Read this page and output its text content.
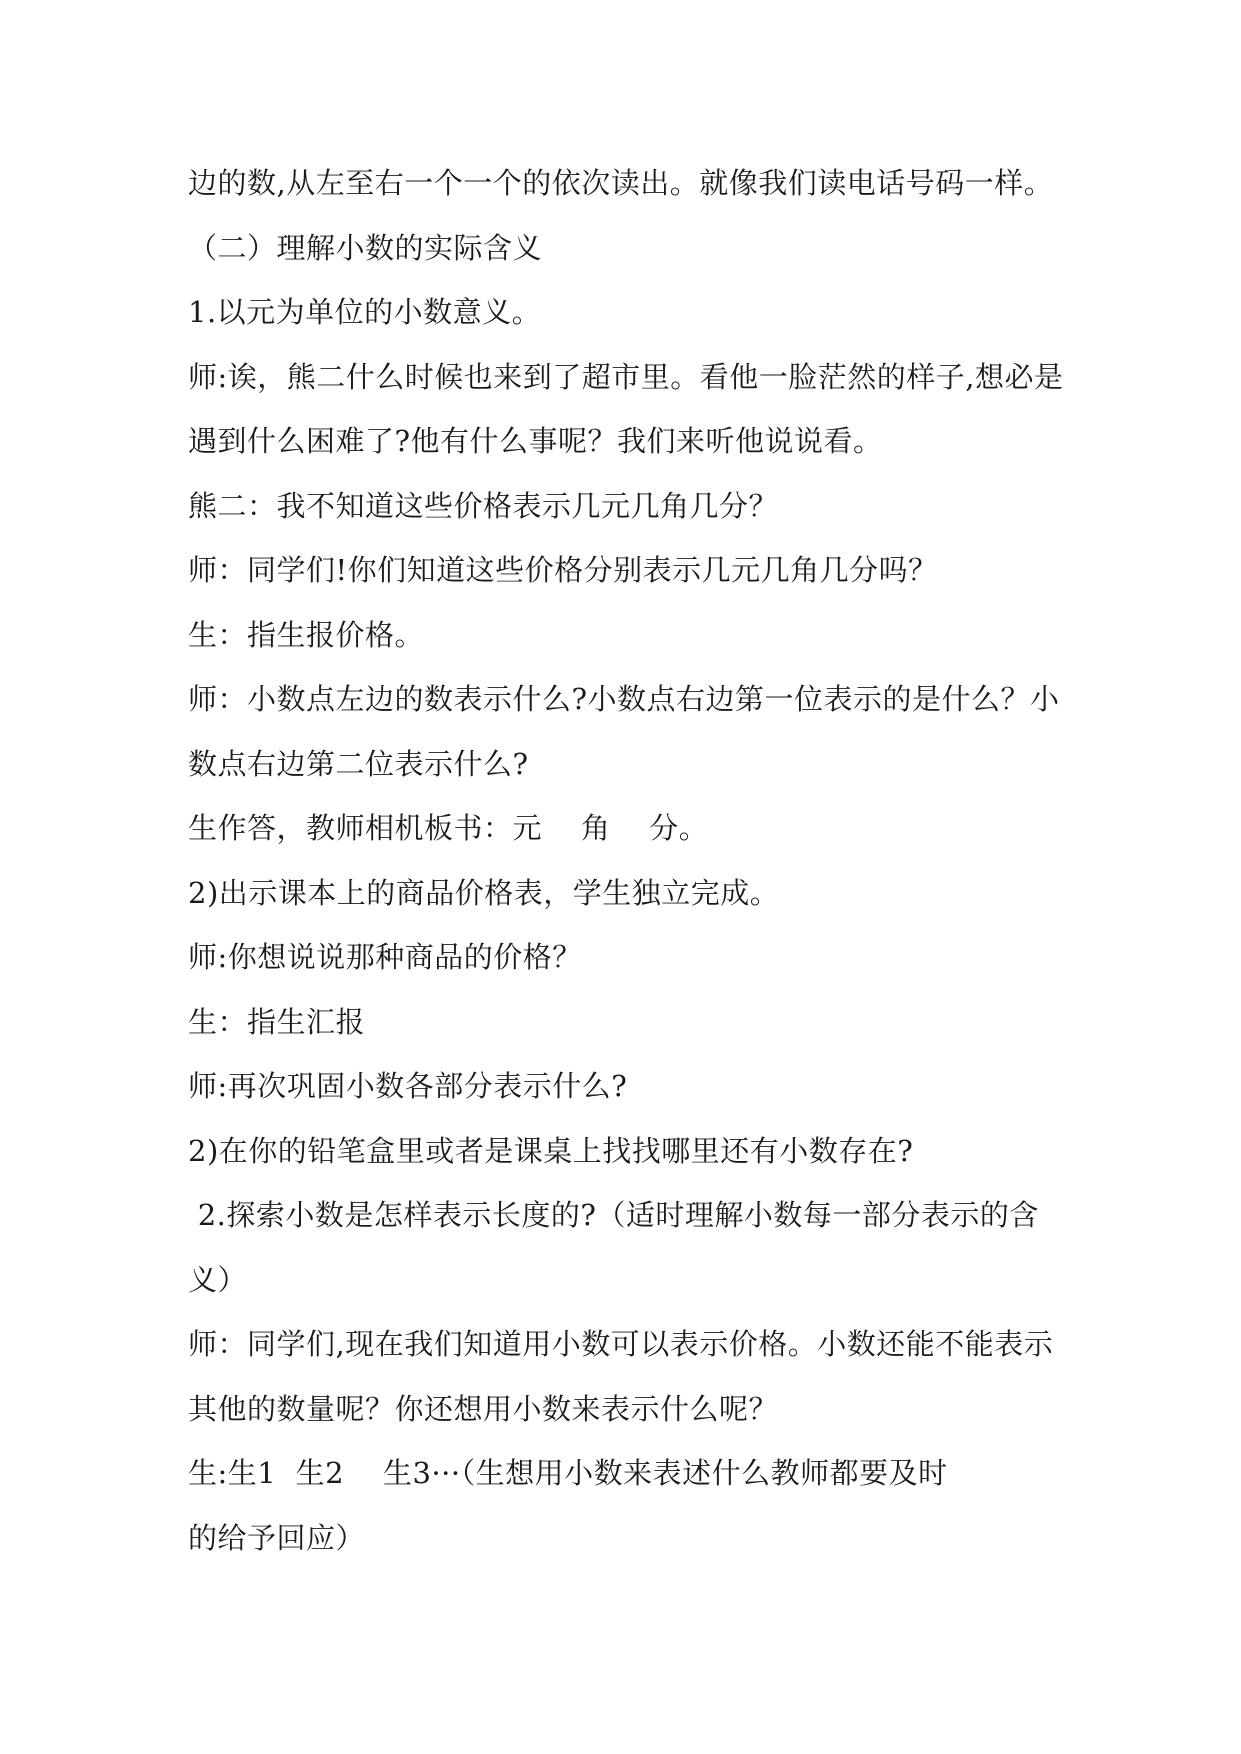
边的数,从左至右一个一个的依次读出。就像我们读电话号码一样。
（二）理解小数的实际含义
1.以元为单位的小数意义。
师:诶，熊二什么时候也来到了超市里。看他一脸茫然的样子,想必是
遇到什么困难了?他有什么事呢？我们来听他说说看。
熊二：我不知道这些价格表示几元几角几分？
师：同学们!你们知道这些价格分别表示几元几角几分吗？
生：指生报价格。
师：小数点左边的数表示什么?小数点右边第一位表示的是什么？小
数点右边第二位表示什么?
生作答，教师相机板书：元    角    分。
2)出示课本上的商品价格表，学生独立完成。
师:你想说说那种商品的价格？
生：指生汇报
师:再次巩固小数各部分表示什么?
2)在你的铅笔盒里或者是课桌上找找哪里还有小数存在?
2.探索小数是怎样表示长度的?（适时理解小数每一部分表示的含
义）
师：同学们,现在我们知道用小数可以表示价格。小数还能不能表示
其他的数量呢？你还想用小数来表示什么呢？
生:生1  生2    生3···（生想用小数来表述什么教师都要及时
的给予回应）
